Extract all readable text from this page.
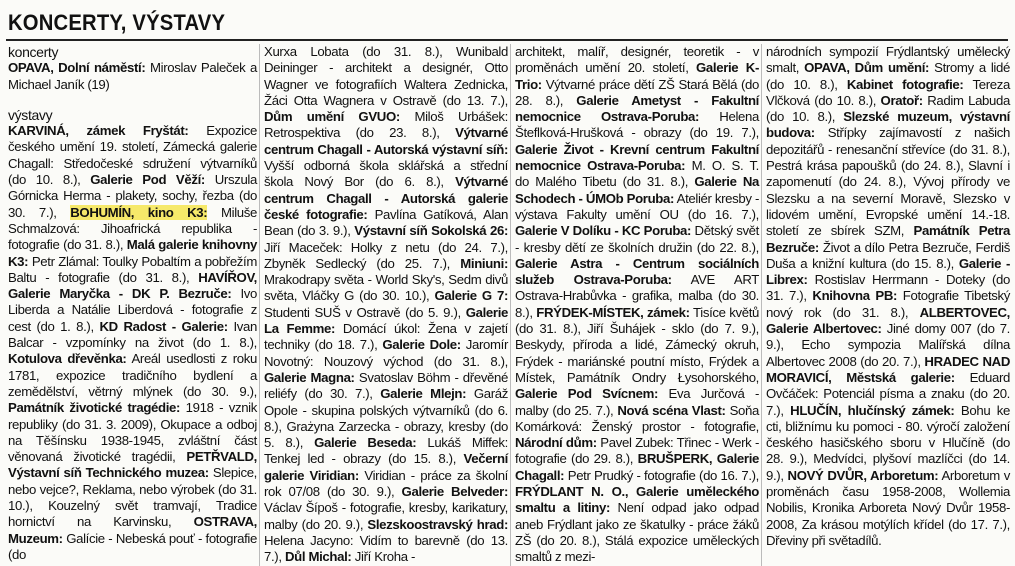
KONCERTY, VÝSTAVY
koncerty

OPAVA, Dolní náměstí: Miroslav Paleček a Michael Janík (19)

výstavy

KARVINÁ, zámek Fryštát: Expozice českého umění 19. století, Zámecká galerie Chagall: Středočeské sdružení výtvarníků (do 10. 8.), Galerie Pod Věží: Urszula Górnicka Herma - plakety, sochy, řezba (do 30. 7.), BOHUMÍN, kino K3: Miluše Schmalzová: Jihoafrická republika - fotografie (do 31. 8.), Malá galerie knihovny K3: Petr Zlámal: Toulky Pobaltím a pobřežím Baltu - fotografie (do 31. 8.), HAVÍŘOV, Galerie Maryčka - DK P. Bezruče: Ivo Liberda a Natálie Liberdová - fotografie z cest (do 1. 8.), KD Radost - Galerie: Ivan Balcar - vzpomínky na život (do 1. 8.), Kotulova dřevěnka: Areál usedlosti z roku 1781, expozice tradičního bydlení a zemědělství, větrný mlýnek (do 30. 9.), Památník životické tragédie: 1918 - vznik republiky (do 31. 3. 2009), Okupace a odboj na Těšínsku 1938-1945, zvláštní část věnovaná životické tragédii, PETŘVALD, Výstavní síň Technického muzea: Slepice, nebo vejce?, Reklama, nebo výrobek (do 31. 10.), Kouzelný svět tramvají, Tradice hornictví na Karvinsku, OSTRAVA, Muzeum: Galície - Nebeská pouť - fotografie (do

Xurxa Lobata (do 31. 8.), Wunibald Deininger - architekt a designér, Otto Wagner ve fotografiích Waltera Zednicka, Žáci Otta Wagnera v Ostravě (do 13. 7.), Dům umění GVUO: Miloš Urbášek: Retrospektiva (do 23. 8.), Výtvarné centrum Chagall - Autorská výstavní síň: Vyšší odborná škola sklářská a střední škola Nový Bor (do 6. 8.), Výtvarné centrum Chagall - Autorská galerie české fotografie: Pavlína Gatíková, Alan Bean (do 3. 9.), Výstavní síň Sokolská 26: Jiří Maceček: Holky z netu (do 24. 7.), Zbyněk Sedlecký (do 25. 7.), Miniuni: Mrakodrapy světa - World Sky's, Sedm divů světa, Vláčky G (do 30. 10.), Galerie G 7: Studenti SUŠ v Ostravě (do 5. 9.), Galerie La Femme: Domácí úkol: Žena v zajetí techniky (do 18. 7.), Galerie Dole: Jaromír Novotný: Nouzový východ (do 31. 8.), Galerie Magna: Svatoslav Böhm - dřevěné reliéfy (do 30. 7.), Galerie Mlejn: Garáž Opole - skupina polských výtvarníků (do 6. 8.), Grażyna Zarzecka - obrazy, kresby (do 5. 8.), Galerie Beseda: Lukáš Miffek: Tenkej led - obrazy (do 15. 8.), Večerní galerie Viridian: Viridian - práce za školní rok 07/08 (do 30. 9.), Galerie Belveder: Václav Šípoš - fotografie, kresby, karikatury, malby (do 20. 9.), Slezskoostravský hrad: Helena Jacyno: Vidím to barevně (do 13. 7.), Důl Michal: Jiří Kroha -

architekt, malíř, designér, teoretik - v proměnách umění 20. století, Galerie K-Trio: Výtvarné práce dětí ZŠ Stará Bělá (do 28. 8.), Galerie Ametyst - Fakultní nemocnice Ostrava-Poruba: Helena Šteflková-Hrušková - obrazy (do 19. 7.), Galerie Život - Krevní centrum Fakultní nemocnice Ostrava-Poruba: M. O. S. T. do Malého Tibetu (do 31. 8.), Galerie Na Schodech - ÚMOb Poruba: Ateliér kresby - výstava Fakulty umění OU (do 16. 7.), Galerie V Dolíku - KC Poruba: Dětský svět - kresby dětí ze školních družin (do 22. 8.), Galerie Astra - Centrum sociálních služeb Ostrava-Poruba: AVE ART Ostrava-Hrabůvka - grafika, malba (do 30. 8.), FRÝDEK-MÍSTEK, zámek: Tisíce květů (do 31. 8.), Jiří Šuhájek - sklo (do 7. 9.), Beskydy, příroda a lidé, Zámecký okruh, Frýdek - mariánské poutní místo, Frýdek a Místek, Památník Ondry Łysohorského, Galerie Pod Svícnem: Eva Jurčová - malby (do 25. 7.), Nová scéna Vlast: Soňa Komárková: Ženský prostor - fotografie, Národní dům: Pavel Zubek: Třinec - Werk - fotografie (do 29. 8.), BRUŠPERK, Galerie Chagall: Petr Prudký - fotografie (do 16. 7.), FRÝDLANT N. O., Galerie uměleckého smaltu a litiny: Není odpad jako odpad aneb Frýdlant jako ze škatulky - práce žáků ZŠ (do 20. 8.), Stálá expozice uměleckých smaltů z mezi-

národních sympozií Frýdlantský umělecký smalt, OPAVA, Dům umění: Stromy a lidé (do 10. 8.), Kabinet fotografie: Tereza Vlčková (do 10. 8.), Oratoř: Radim Labuda (do 10. 8.), Slezské muzeum, výstavní budova: Střípky zajímavostí z našich depozitářů - renesanční střevíce (do 31. 8.), Pestrá krása papoušků (do 24. 8.), Slavní i zapomenutí (do 24. 8.), Vývoj přírody ve Slezsku a na severní Moravě, Slezsko v lidovém umění, Evropské umění 14.-18. století ze sbírek SZM, Památník Petra Bezruče: Život a dílo Petra Bezruče, Ferdiš Duša a knižní kultura (do 15. 8.), Galerie - Librex: Rostislav Herrmann - Doteky (do 31. 7.), Knihovna PB: Fotografie Tibetský nový rok (do 31. 8.), ALBERTOVEC, Galerie Albertovec: Jiné domy 007 (do 7. 9.), Echo sympozia Malířská dílna Albertovec 2008 (do 20. 7.), HRADEC NAD MORAVICÍ, Městská galerie: Eduard Ovčáček: Potenciál písma a znaku (do 20. 7.), HLUČÍN, hlučínský zámek: Bohu ke cti, bližnímu ku pomoci - 80. výročí založení českého hasičského sboru v Hlučíně (do 28. 9.), Medvídci, plyšoví mazlíčci (do 14. 9.), NOVÝ DVŮR, Arboretum: Arboretum v proměnách času 1958-2008, Wollemia Nobilis, Kronika Arboreta Nový Dvůr 1958-2008, Za krásou motýlích křídel (do 17. 7.), Dřeviny při světadílů.
